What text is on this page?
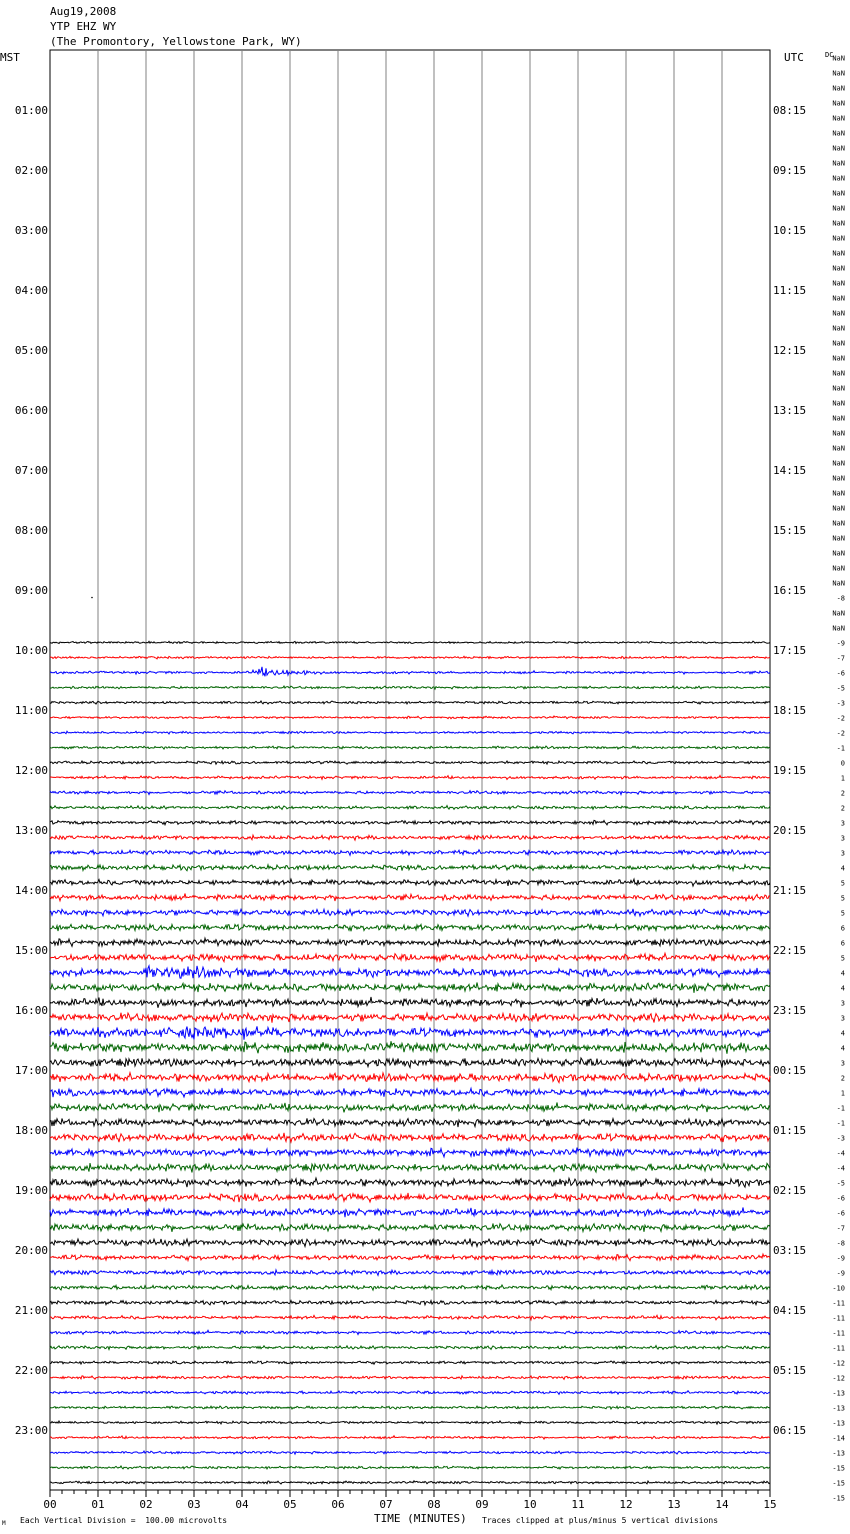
Aug19,2008
YTP EHZ WY
(The Promontory, Yellowstone Park, WY)
MST	UTC	DC
01:00
02:00
03:00
04:00
05:00
06:00
07:00
08:00
09:00
10:00
11:00
12:00
13:00
14:00
15:00
16:00
17:00
18:00
19:00
20:00
21:00
22:00
23:00
08:15
09:15
10:15
11:15
12:15
13:15
14:15
15:15
16:15
17:15
18:15
19:15
20:15
21:15
22:15
23:15
00:15
01:15
02:15
03:15
04:15
05:15
06:15
NaN
NaN
NaN
NaN
NaN
NaN
NaN
NaN
NaN
NaN
NaN
NaN
NaN
NaN
NaN
NaN
NaN
NaN
NaN
NaN
NaN
NaN
NaN
NaN
NaN
NaN
NaN
NaN
NaN
NaN
NaN
NaN
NaN
NaN
NaN
NaN
-8
NaN
NaN
-9
-7
-6
-5
-3
-2
-2
-1
0
1
2
2
3
3
3
4
5
5
5
6
6
5
4
4
3
3
4
4
3
2
1
-1
-1
-3
-4
-4
-5
-6
-6
-7
-8
-9
-9
-10
-11
-11
-11
-11
-12
-12
-13
-13
-13
-14
-13
-15
-15
-15
00	01	02	03	04	05	06	07	08	09	10	11	12	13	14	15
M Each Vertical Division =  100.00 microvolts	TIME (MINUTES) Traces clipped at plus/minus 5 vertical divisions
